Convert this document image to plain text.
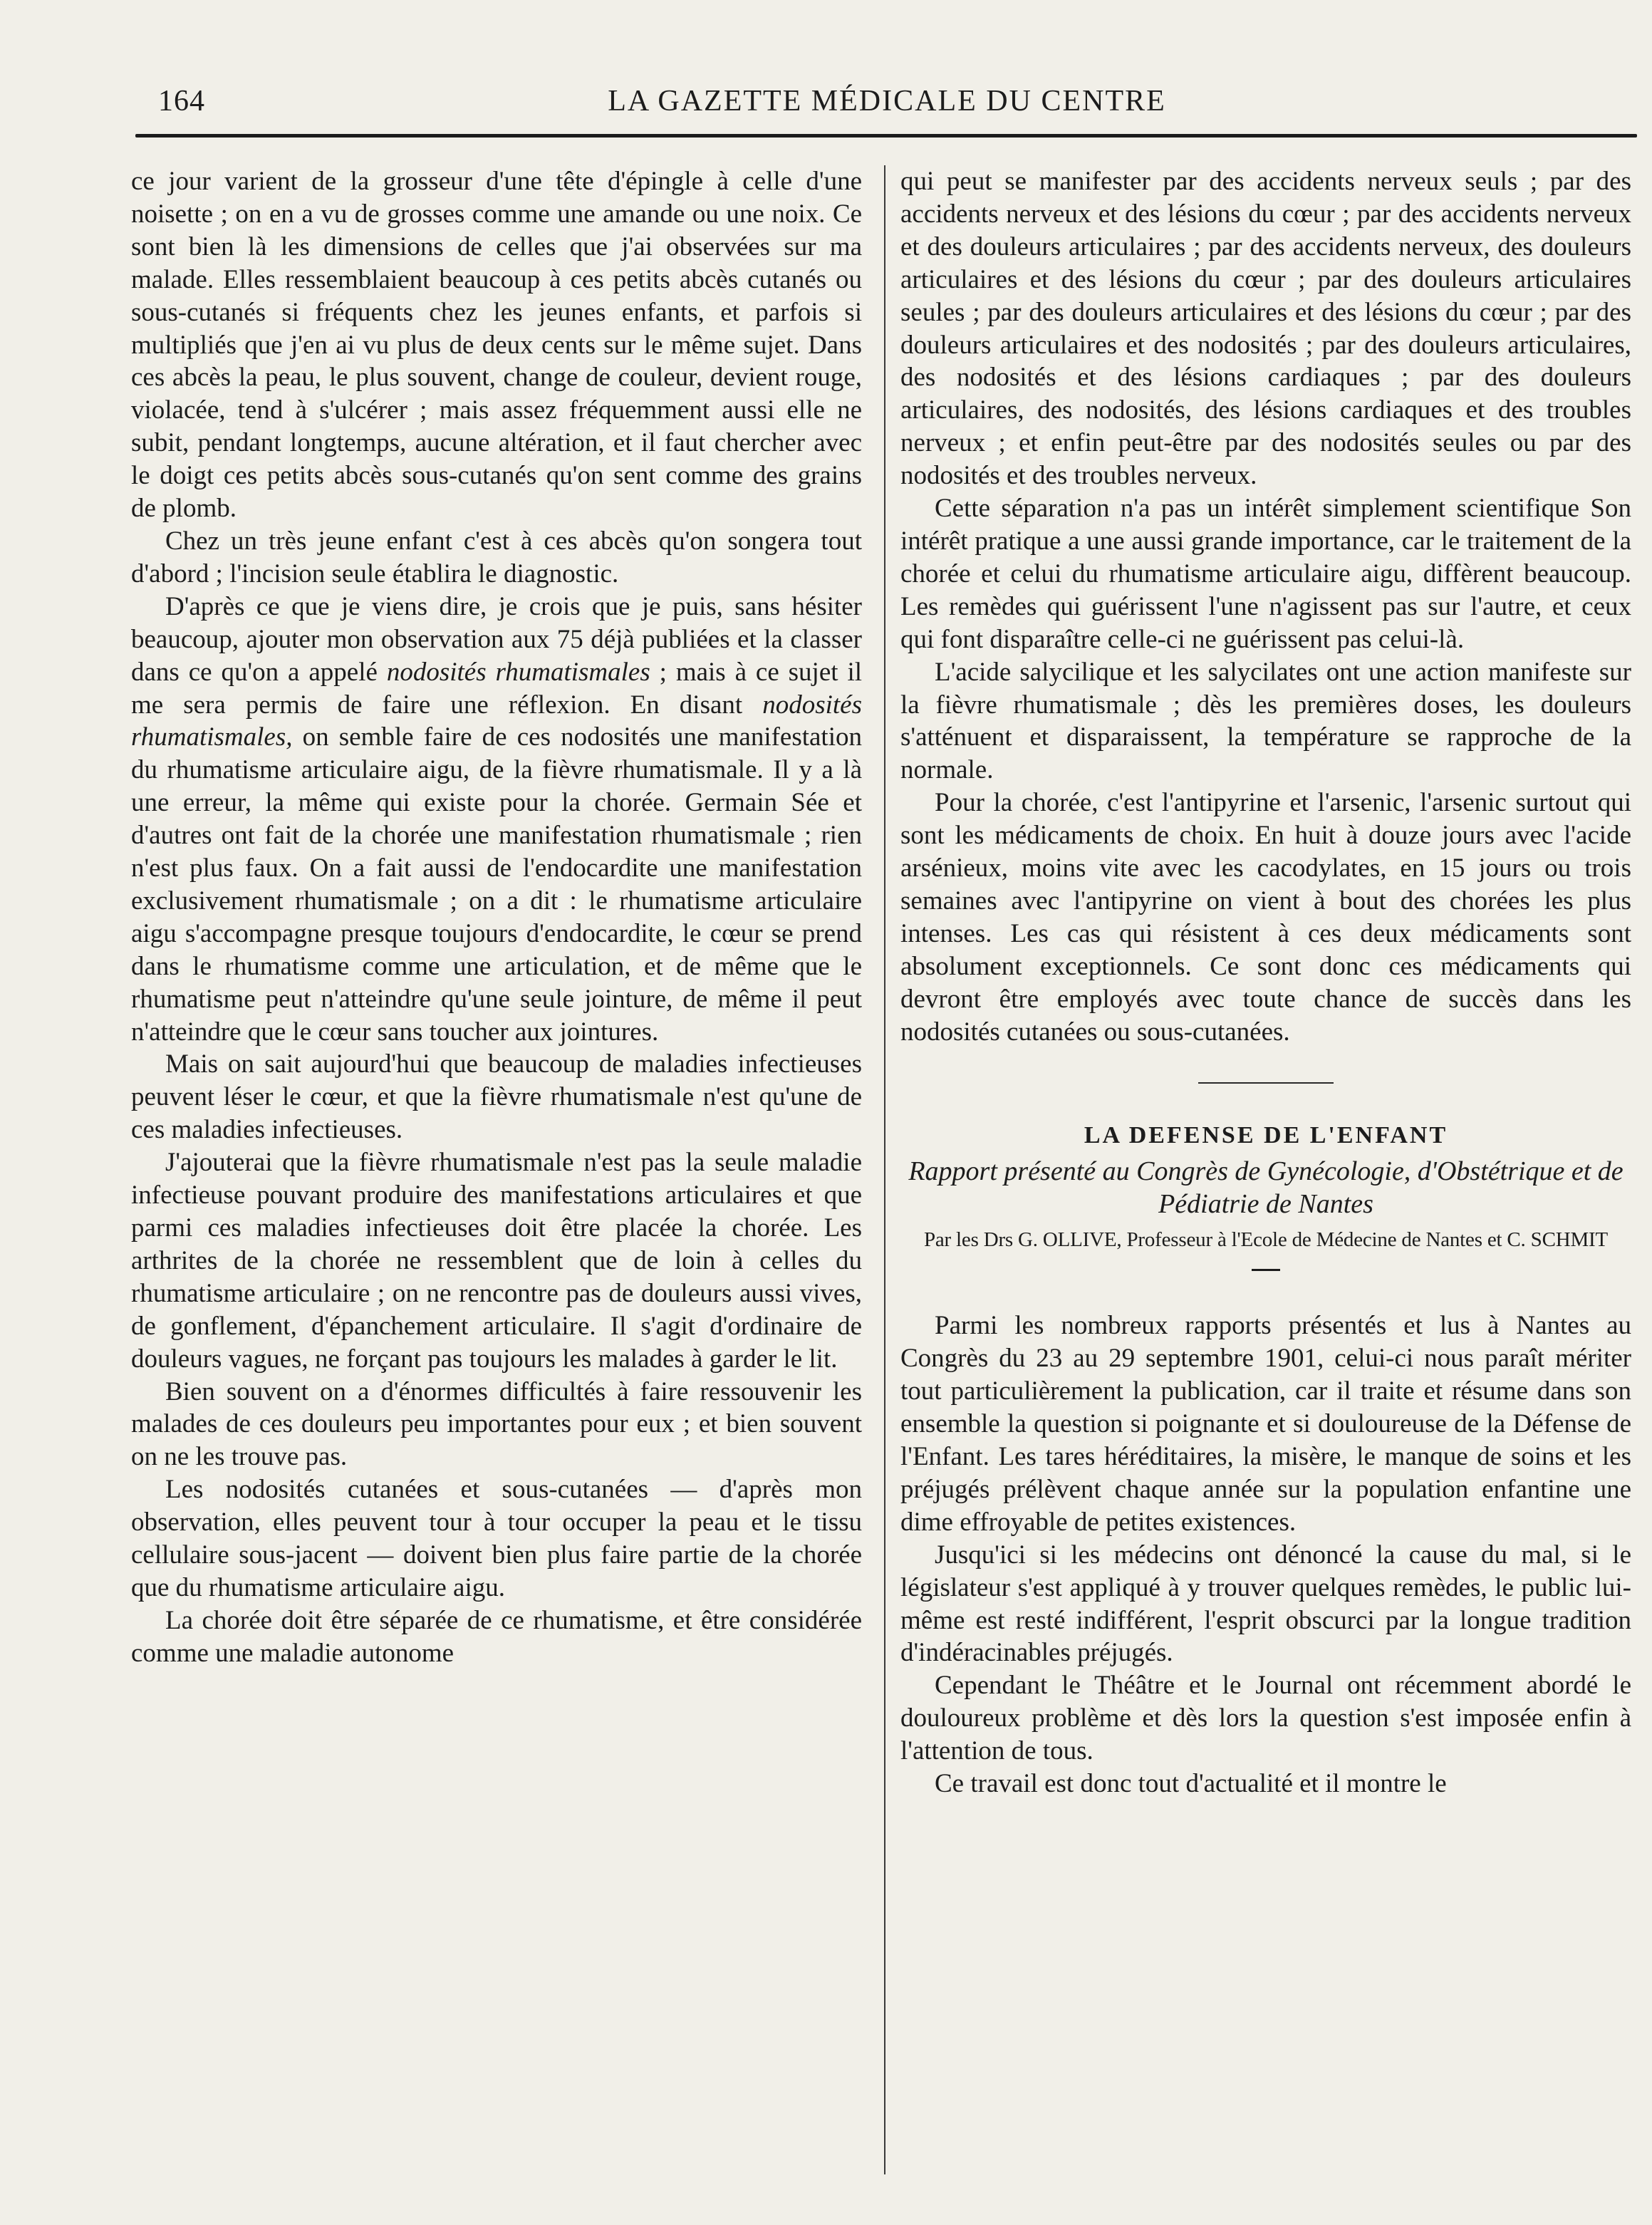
164	LA GAZETTE MÉDICALE DU CENTRE

ce jour varient de la grosseur d'une tête d'épingle à celle d'une noisette ; on en a vu de grosses comme une amande ou une noix. Ce sont bien là les dimensions de celles que j'ai observées sur ma malade. Elles ressemblaient beaucoup à ces petits abcès cutanés ou sous-cutanés si fréquents chez les jeunes enfants, et parfois si multipliés que j'en ai vu plus de deux cents sur le même sujet. Dans ces abcès la peau, le plus souvent, change de couleur, devient rouge, violacée, tend à s'ulcérer ; mais assez fréquemment aussi elle ne subit, pendant longtemps, aucune altération, et il faut chercher avec le doigt ces petits abcès sous-cutanés qu'on sent comme des grains de plomb.

Chez un très jeune enfant c'est à ces abcès qu'on songera tout d'abord ; l'incision seule établira le diagnostic.

D'après ce que je viens dire, je crois que je puis, sans hésiter beaucoup, ajouter mon observation aux 75 déjà publiées et la classer dans ce qu'on a appelé nodosités rhumatismales ; mais à ce sujet il me sera permis de faire une réflexion. En disant nodosités rhumatismales, on semble faire de ces nodosités une manifestation du rhumatisme articulaire aigu, de la fièvre rhumatismale. Il y a là une erreur, la même qui existe pour la chorée. Germain Sée et d'autres ont fait de la chorée une manifestation rhumatismale ; rien n'est plus faux. On a fait aussi de l'endocardite une manifestation exclusivement rhumatismale ; on a dit : le rhumatisme articulaire aigu s'accompagne presque toujours d'endocardite, le cœur se prend dans le rhumatisme comme une articulation, et de même que le rhumatisme peut n'atteindre qu'une seule jointure, de même il peut n'atteindre que le cœur sans toucher aux jointures.

Mais on sait aujourd'hui que beaucoup de maladies infectieuses peuvent léser le cœur, et que la fièvre rhumatismale n'est qu'une de ces maladies infectieuses.

J'ajouterai que la fièvre rhumatismale n'est pas la seule maladie infectieuse pouvant produire des manifestations articulaires et que parmi ces maladies infectieuses doit être placée la chorée. Les arthrites de la chorée ne ressemblent que de loin à celles du rhumatisme articulaire ; on ne rencontre pas de douleurs aussi vives, de gonflement, d'épanchement articulaire. Il s'agit d'ordinaire de douleurs vagues, ne forçant pas toujours les malades à garder le lit.

Bien souvent on a d'énormes difficultés à faire ressouvenir les malades de ces douleurs peu importantes pour eux ; et bien souvent on ne les trouve pas.

Les nodosités cutanées et sous-cutanées — d'après mon observation, elles peuvent tour à tour occuper la peau et le tissu cellulaire sous-jacent — doivent bien plus faire partie de la chorée que du rhumatisme articulaire aigu.

La chorée doit être séparée de ce rhumatisme, et être considérée comme une maladie autonome

qui peut se manifester par des accidents nerveux seuls ; par des accidents nerveux et des lésions du cœur ; par des accidents nerveux et des douleurs articulaires ; par des accidents nerveux, des douleurs articulaires et des lésions du cœur ; par des douleurs articulaires seules ; par des douleurs articulaires et des lésions du cœur ; par des douleurs articulaires et des nodosités ; par des douleurs articulaires, des nodosités et des lésions cardiaques ; par des douleurs articulaires, des nodosités, des lésions cardiaques et des troubles nerveux ; et enfin peut-être par des nodosités seules ou par des nodosités et des troubles nerveux.

Cette séparation n'a pas un intérêt simplement scientifique Son intérêt pratique a une aussi grande importance, car le traitement de la chorée et celui du rhumatisme articulaire aigu, diffèrent beaucoup. Les remèdes qui guérissent l'une n'agissent pas sur l'autre, et ceux qui font disparaître celle-ci ne guérissent pas celui-là.

L'acide salycilique et les salycilates ont une action manifeste sur la fièvre rhumatismale ; dès les premières doses, les douleurs s'atténuent et disparaissent, la température se rapproche de la normale.

Pour la chorée, c'est l'antipyrine et l'arsenic, l'arsenic surtout qui sont les médicaments de choix. En huit à douze jours avec l'acide arsénieux, moins vite avec les cacodylates, en 15 jours ou trois semaines avec l'antipyrine on vient à bout des chorées les plus intenses. Les cas qui résistent à ces deux médicaments sont absolument exceptionnels. Ce sont donc ces médicaments qui devront être employés avec toute chance de succès dans les nodosités cutanées ou sous-cutanées.

LA DEFENSE DE L'ENFANT
Rapport présenté au Congrès de Gynécologie, d'Obstétrique et de Pédiatrie de Nantes
Par les Drs G. OLLIVE, Professeur à l'Ecole de Médecine de Nantes et C. SCHMIT

Parmi les nombreux rapports présentés et lus à Nantes au Congrès du 23 au 29 septembre 1901, celui-ci nous paraît mériter tout particulièrement la publication, car il traite et résume dans son ensemble la question si poignante et si douloureuse de la Défense de l'Enfant. Les tares héréditaires, la misère, le manque de soins et les préjugés prélèvent chaque année sur la population enfantine une dime effroyable de petites existences.

Jusqu'ici si les médecins ont dénoncé la cause du mal, si le législateur s'est appliqué à y trouver quelques remèdes, le public lui-même est resté indifférent, l'esprit obscurci par la longue tradition d'indéracinables préjugés.

Cependant le Théâtre et le Journal ont récemment abordé le douloureux problème et dès lors la question s'est imposée enfin à l'attention de tous.

Ce travail est donc tout d'actualité et il montre le
